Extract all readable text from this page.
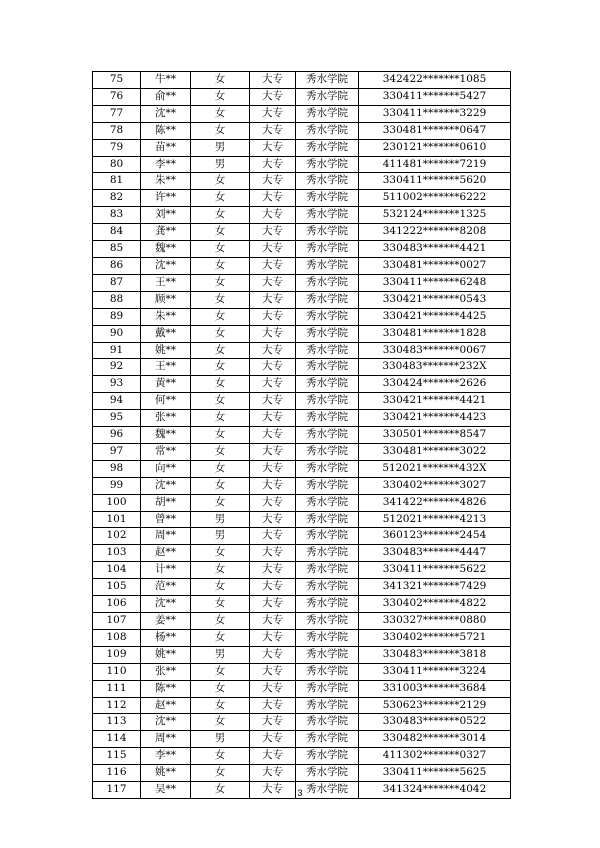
75	牛**	女	大专	秀水学院	342422*******1085
76	俞**	女	大专	秀水学院	330411*******5427
77	沈**	女	大专	秀水学院	330411*******3229
78	陈**	女	大专	秀水学院	330481*******0647
79	苗**	男	大专	秀水学院	230121*******0610
80	李**	男	大专	秀水学院	411481*******7219
81	朱**	女	大专	秀水学院	330411*******5620
82	许**	女	大专	秀水学院	511002*******6222
83	刘**	女	大专	秀水学院	532124*******1325
84	龚**	女	大专	秀水学院	341222*******8208
85	魏**	女	大专	秀水学院	330483*******4421
86	沈**	女	大专	秀水学院	330481*******0027
87	王**	女	大专	秀水学院	330411*******6248
88	顾**	女	大专	秀水学院	330421*******0543
89	朱**	女	大专	秀水学院	330421*******4425
90	戴**	女	大专	秀水学院	330481*******1828
91	姚**	女	大专	秀水学院	330483*******0067
92	王**	女	大专	秀水学院	330483*******232X
93	黄**	女	大专	秀水学院	330424*******2626
94	何**	女	大专	秀水学院	330421*******4421
95	张**	女	大专	秀水学院	330421*******4423
96	魏**	女	大专	秀水学院	330501*******8547
97	常**	女	大专	秀水学院	330481*******3022
98	向**	女	大专	秀水学院	512021*******432X
99	沈**	女	大专	秀水学院	330402*******3027
100	胡**	女	大专	秀水学院	341422*******4826
101	曾**	男	大专	秀水学院	512021*******4213
102	周**	男	大专	秀水学院	360123*******2454
103	赵**	女	大专	秀水学院	330483*******4447
104	计**	女	大专	秀水学院	330411*******5622
105	范**	女	大专	秀水学院	341321*******7429
106	沈**	女	大专	秀水学院	330402*******4822
107	姜**	女	大专	秀水学院	330327*******0880
108	杨**	女	大专	秀水学院	330402*******5721
109	姚**	男	大专	秀水学院	330483*******3818
110	张**	女	大专	秀水学院	330411*******3224
111	陈**	女	大专	秀水学院	331003*******3684
112	赵**	女	大专	秀水学院	530623*******2129
113	沈**	女	大专	秀水学院	330483*******0522
114	周**	男	大专	秀水学院	330482*******3014
115	李**	女	大专	秀水学院	411302*******0327
116	姚**	女	大专	秀水学院	330411*******5625
117	吴**	女	大专	秀水学院	341324*******4042
3
